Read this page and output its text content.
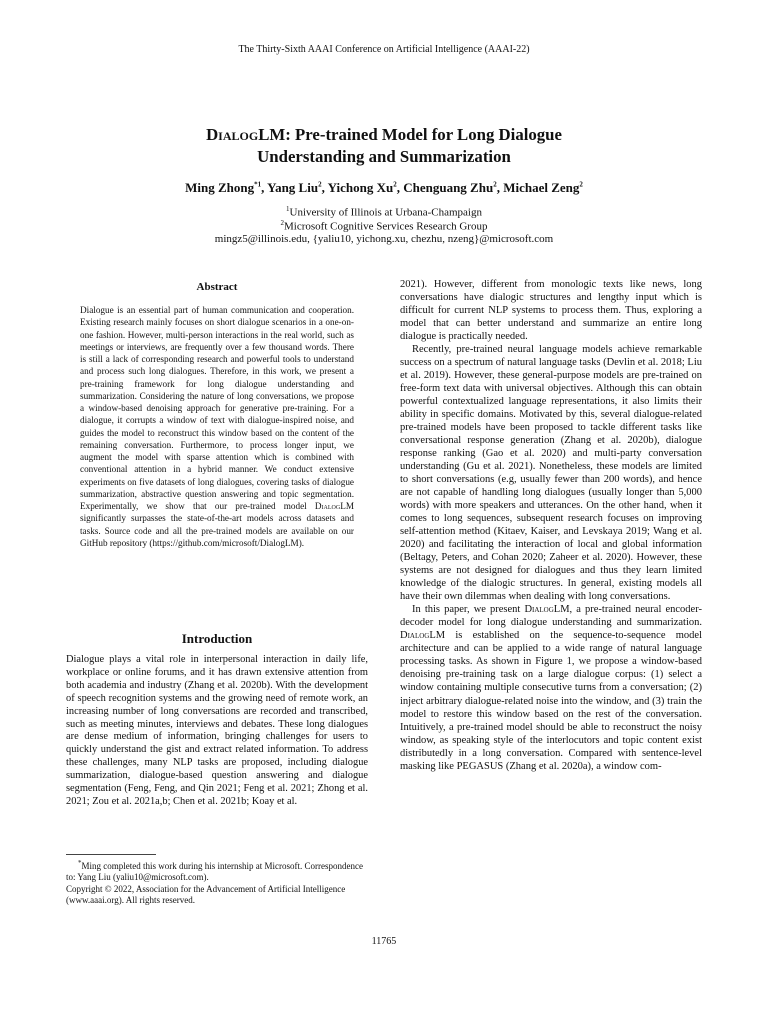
The Thirty-Sixth AAAI Conference on Artificial Intelligence (AAAI-22)
DialogLM: Pre-trained Model for Long Dialogue
Understanding and Summarization
Ming Zhong$^{*1}$, Yang Liu$^2$, Yichong Xu$^2$, Chenguang Zhu$^2$, Michael Zeng$^2$
$^1$University of Illinois at Urbana-Champaign
$^2$Microsoft Cognitive Services Research Group
mingz5@illinois.edu, {yaliu10, yichong.xu, chezhu, nzeng}@microsoft.com
Abstract
Dialogue is an essential part of human communication and cooperation. Existing research mainly focuses on short dialogue scenarios in a one-on-one fashion. However, multi-person interactions in the real world, such as meetings or interviews, are frequently over a few thousand words. There is still a lack of corresponding research and powerful tools to understand and process such long dialogues. Therefore, in this work, we present a pre-training framework for long dialogue understanding and summarization. Considering the nature of long conversations, we propose a window-based denoising approach for generative pre-training. For a dialogue, it corrupts a window of text with dialogue-inspired noise, and guides the model to reconstruct this window based on the content of the remaining conversation. Furthermore, to process longer input, we augment the model with sparse attention which is combined with conventional attention in a hybrid manner. We conduct extensive experiments on five datasets of long dialogues, covering tasks of dialogue summarization, abstractive question answering and topic segmentation. Experimentally, we show that our pre-trained model DialogLM significantly surpasses the state-of-the-art models across datasets and tasks. Source code and all the pre-trained models are available on our GitHub repository (https://github.com/microsoft/DialogLM).
Introduction

Dialogue plays a vital role in interpersonal interaction in daily life, workplace or online forums, and it has drawn extensive attention from both academia and industry (Zhang et al. 2020b). With the development of speech recognition systems and the growing need of remote work, an increasing number of long conversations are recorded and transcribed, such as meeting minutes, interviews and debates. These long dialogues are dense medium of information, bringing challenges for users to quickly understand the gist and extract related information. To address these challenges, many NLP tasks are proposed, including dialogue summarization, dialogue-based question answering and dialogue segmentation (Feng, Feng, and Qin 2021; Feng et al. 2021; Zhong et al. 2021; Zou et al. 2021a,b; Chen et al. 2021b; Koay et al.

*Ming completed this work during his internship at Microsoft. Correspondence to: Yang Liu (yaliu10@microsoft.com).

Copyright © 2022, Association for the Advancement of Artificial Intelligence (www.aaai.org). All rights reserved.

2021). However, different from monologic texts like news, long conversations have dialogic structures and lengthy input which is difficult for current NLP systems to process them. Thus, exploring a model that can better understand and summarize an entire long dialogue is practically needed.

Recently, pre-trained neural language models achieve remarkable success on a spectrum of natural language tasks (Devlin et al. 2018; Liu et al. 2019). However, these general-purpose models are pre-trained on free-form text data with universal objectives. Although this can obtain powerful contextualized language representations, it also limits their ability in specific domains. Motivated by this, several dialogue-related pre-trained models have been proposed to tackle different tasks like conversational response generation (Zhang et al. 2020b), dialogue response ranking (Gao et al. 2020) and multi-party conversation understanding (Gu et al. 2021). Nonetheless, these models are limited to short conversations (e.g, usually fewer than 200 words), and hence are not capable of handling long dialogues (usually longer than 5,000 words) with more speakers and utterances. On the other hand, when it comes to long sequences, subsequent research focuses on improving self-attention method (Kitaev, Kaiser, and Levskaya 2019; Wang et al. 2020) and facilitating the interaction of local and global information (Beltagy, Peters, and Cohan 2020; Zaheer et al. 2020). However, these systems are not designed for dialogues and thus they learn limited knowledge of the dialogic structures. In general, existing models all have their own dilemmas when dealing with long conversations.

In this paper, we present DialogLM, a pre-trained neural encoder-decoder model for long dialogue understanding and summarization. DialogLM is established on the sequence-to-sequence model architecture and can be applied to a wide range of natural language processing tasks. As shown in Figure 1, we propose a window-based denoising pre-training task on a large dialogue corpus: (1) select a window containing multiple consecutive turns from a conversation; (2) inject arbitrary dialogue-related noise into the window, and (3) train the model to restore this window based on the rest of the conversation. Intuitively, a pre-trained model should be able to reconstruct the noisy window, as speaking style of the interlocutors and topic content exist distributedly in a long conversation. Compared with sentence-level masking like PEGASUS (Zhang et al. 2020a), a window com-

11765
